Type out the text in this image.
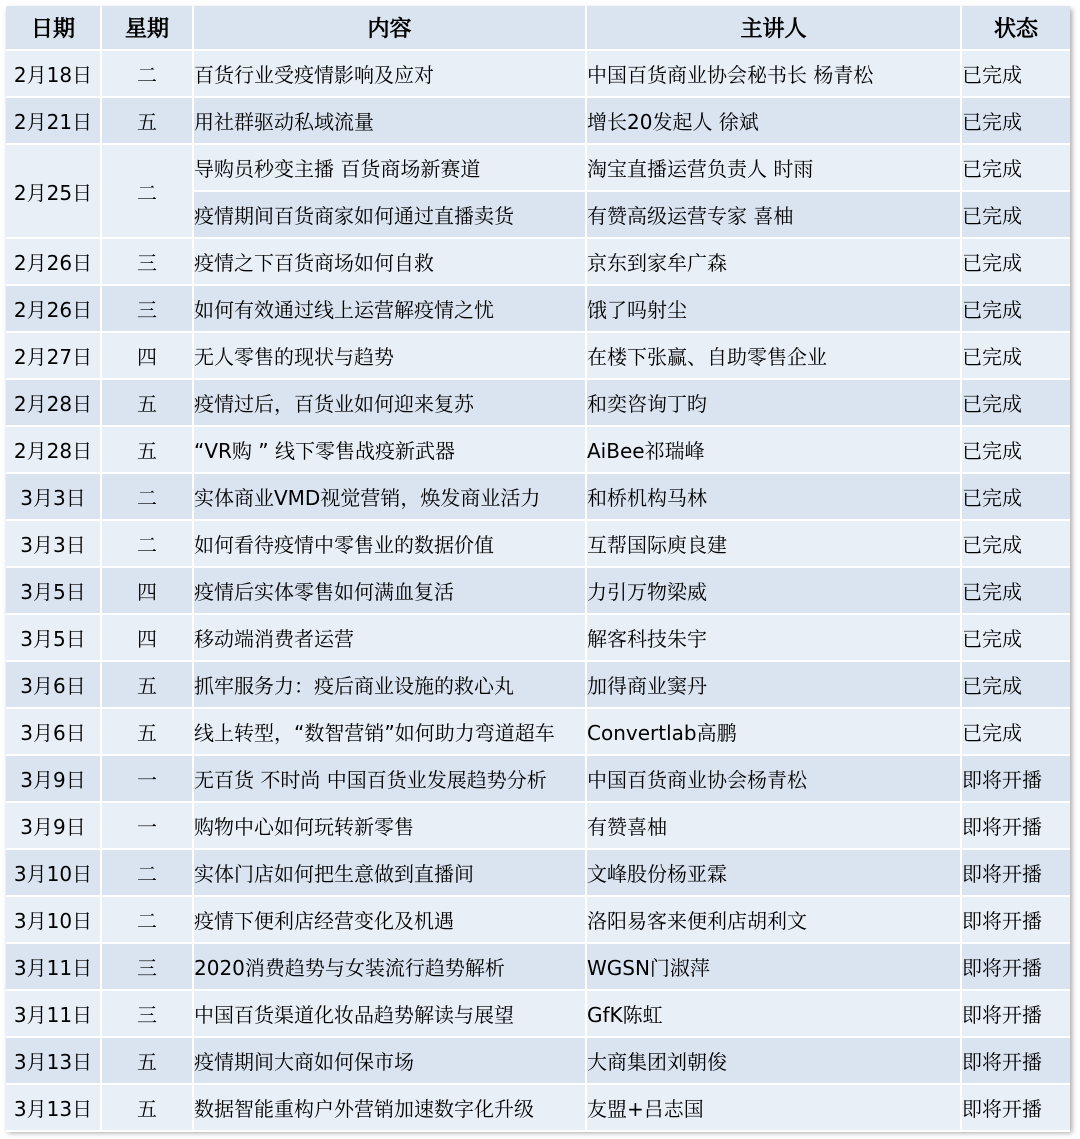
日期	星期	内容	主讲人	状态
2月18日	二	百货行业受疫情影响及应对	中国百货商业协会秘书长 杨青松	已完成
2月21日	五	用社群驱动私域流量	增长20发起人 徐斌	已完成
2月25日	二	导购员秒变主播 百货商场新赛道	淘宝直播运营负责人 时雨	已完成
		疫情期间百货商家如何通过直播卖货	有赞高级运营专家 喜柚	已完成
2月26日	三	疫情之下百货商场如何自救	京东到家牟广森	已完成
2月26日	三	如何有效通过线上运营解疫情之忧	饿了吗射尘	已完成
2月27日	四	无人零售的现状与趋势	在楼下张赢、自助零售企业	已完成
2月28日	五	疫情过后，百货业如何迎来复苏	和奕咨询丁昀	已完成
2月28日	五	“VR购 ” 线下零售战疫新武器	AiBee祁瑞峰	已完成
3月3日	二	实体商业VMD视觉营销，焕发商业活力	和桥机构马林	已完成
3月3日	二	如何看待疫情中零售业的数据价值	互帮国际庾良建	已完成
3月5日	四	疫情后实体零售如何满血复活	力引万物梁威	已完成
3月5日	四	移动端消费者运营	解客科技朱宇	已完成
3月6日	五	抓牢服务力：疫后商业设施的救心丸	加得商业窦丹	已完成
3月6日	五	线上转型，“数智营销”如何助力弯道超车	Convertlab高鹏	已完成
3月9日	一	无百货 不时尚 中国百货业发展趋势分析	中国百货商业协会杨青松	即将开播
3月9日	一	购物中心如何玩转新零售	有赞喜柚	即将开播
3月10日	二	实体门店如何把生意做到直播间	文峰股份杨亚霖	即将开播
3月10日	二	疫情下便利店经营变化及机遇	洛阳易客来便利店胡利文	即将开播
3月11日	三	2020消费趋势与女装流行趋势解析	WGSN门淑萍	即将开播
3月11日	三	中国百货渠道化妆品趋势解读与展望	GfK陈虹	即将开播
3月13日	五	疫情期间大商如何保市场	大商集团刘朝俊	即将开播
3月13日	五	数据智能重构户外营销加速数字化升级	友盟+吕志国	即将开播
